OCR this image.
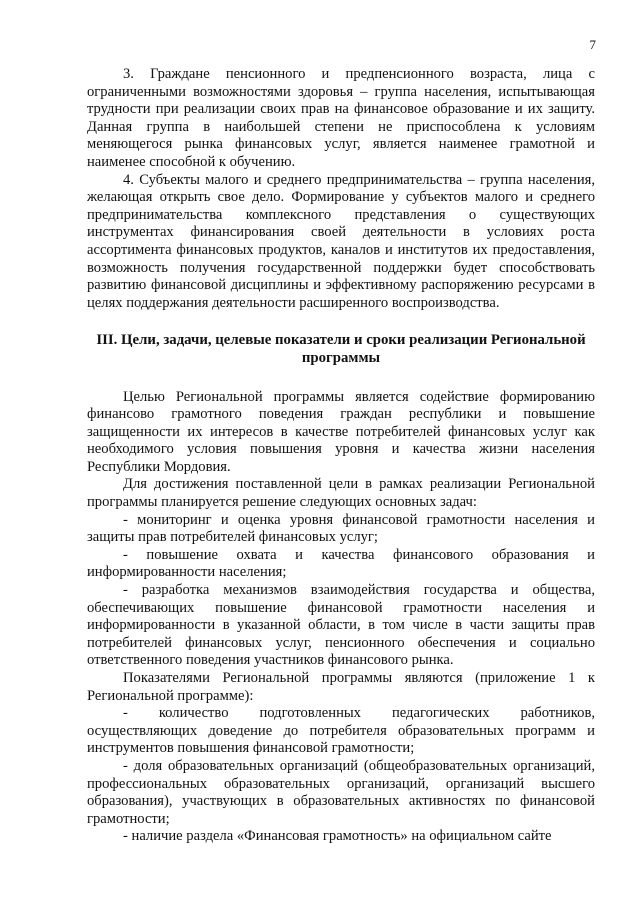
7

3. Граждане пенсионного и предпенсионного возраста, лица с ограниченными возможностями здоровья – группа населения, испытывающая трудности при реализации своих прав на финансовое образование и их защиту. Данная группа в наибольшей степени не приспособлена к условиям меняющегося рынка финансовых услуг, является наименее грамотной и наименее способной к обучению.

4. Субъекты малого и среднего предпринимательства – группа населения, желающая открыть свое дело. Формирование у субъектов малого и среднего предпринимательства комплексного представления о существующих инструментах финансирования своей деятельности в условиях роста ассортимента финансовых продуктов, каналов и институтов их предоставления, возможность получения государственной поддержки будет способствовать развитию финансовой дисциплины и эффективному распоряжению ресурсами в целях поддержания деятельности расширенного воспроизводства.

III. Цели, задачи, целевые показатели и сроки реализации Региональной программы

Целью Региональной программы является содействие формированию финансово грамотного поведения граждан республики и повышение защищенности их интересов в качестве потребителей финансовых услуг как необходимого условия повышения уровня и качества жизни населения Республики Мордовия.

Для достижения поставленной цели в рамках реализации Региональной программы планируется решение следующих основных задач:

- мониторинг и оценка уровня финансовой грамотности населения и защиты прав потребителей финансовых услуг;

- повышение охвата и качества финансового образования и информированности населения;

- разработка механизмов взаимодействия государства и общества, обеспечивающих повышение финансовой грамотности населения и информированности в указанной области, в том числе в части защиты прав потребителей финансовых услуг, пенсионного обеспечения и социально ответственного поведения участников финансового рынка.

Показателями Региональной программы являются (приложение 1 к Региональной программе):

- количество подготовленных педагогических работников, осуществляющих доведение до потребителя образовательных программ и инструментов повышения финансовой грамотности;

- доля образовательных организаций (общеобразовательных организаций, профессиональных образовательных организаций, организаций высшего образования), участвующих в образовательных активностях по финансовой грамотности;

- наличие раздела «Финансовая грамотность» на официальном сайте
